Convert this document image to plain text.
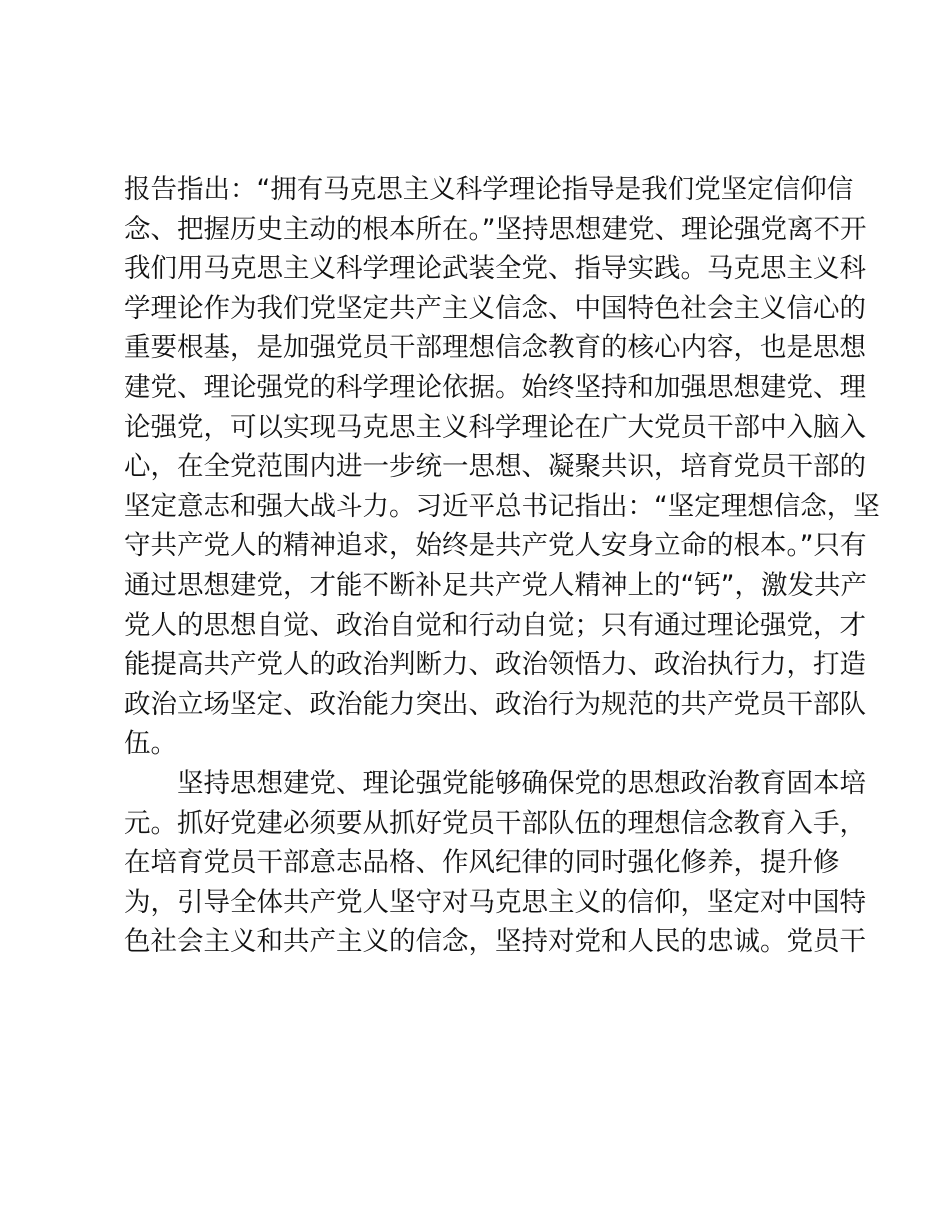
报告指出：“拥有马克思主义科学理论指导是我们党坚定信仰信
念、把握历史主动的根本所在。”坚持思想建党、理论强党离不开
我们用马克思主义科学理论武装全党、指导实践。马克思主义科
学理论作为我们党坚定共产主义信念、中国特色社会主义信心的
重要根基，是加强党员干部理想信念教育的核心内容，也是思想
建党、理论强党的科学理论依据。始终坚持和加强思想建党、理
论强党，可以实现马克思主义科学理论在广大党员干部中入脑入
心，在全党范围内进一步统一思想、凝聚共识，培育党员干部的
坚定意志和强大战斗力。习近平总书记指出：“坚定理想信念，坚
守共产党人的精神追求，始终是共产党人安身立命的根本。”只有
通过思想建党，才能不断补足共产党人精神上的“钙”，激发共产
党人的思想自觉、政治自觉和行动自觉；只有通过理论强党，才
能提高共产党人的政治判断力、政治领悟力、政治执行力，打造
政治立场坚定、政治能力突出、政治行为规范的共产党员干部队
伍。
　　坚持思想建党、理论强党能够确保党的思想政治教育固本培
元。抓好党建必须要从抓好党员干部队伍的理想信念教育入手，
在培育党员干部意志品格、作风纪律的同时强化修养，提升修
为，引导全体共产党人坚守对马克思主义的信仰，坚定对中国特
色社会主义和共产主义的信念，坚持对党和人民的忠诚。党员干
